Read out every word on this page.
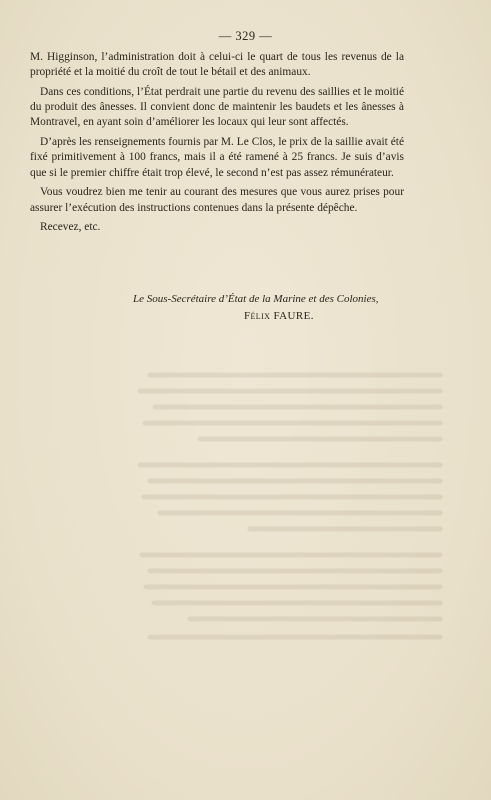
— 329 —

M. Higginson, l’administration doit à celui-ci le quart de tous les revenus de la propriété et la moitié du croît de tout le bétail et des animaux.

Dans ces conditions, l’État perdrait une partie du revenu des saillies et le moitié du produit des ânesses. Il convient donc de maintenir les baudets et les ânesses à Montravel, en ayant soin d’améliorer les locaux qui leur sont affectés.

D’après les renseignements fournis par M. Le Clos, le prix de la saillie avait été fixé primitivement à 100 francs, mais il a été ramené à 25 francs. Je suis d’avis que si le premier chiffre était trop élevé, le second n’est pas assez rémunérateur.

Vous voudrez bien me tenir au courant des mesures que vous aurez prises pour assurer l’exécution des instructions contenues dans la présente dépêche.

Recevez, etc.

Le Sous-Secrétaire d’État de la Marine et des Colonies,
Félix FAURE.
